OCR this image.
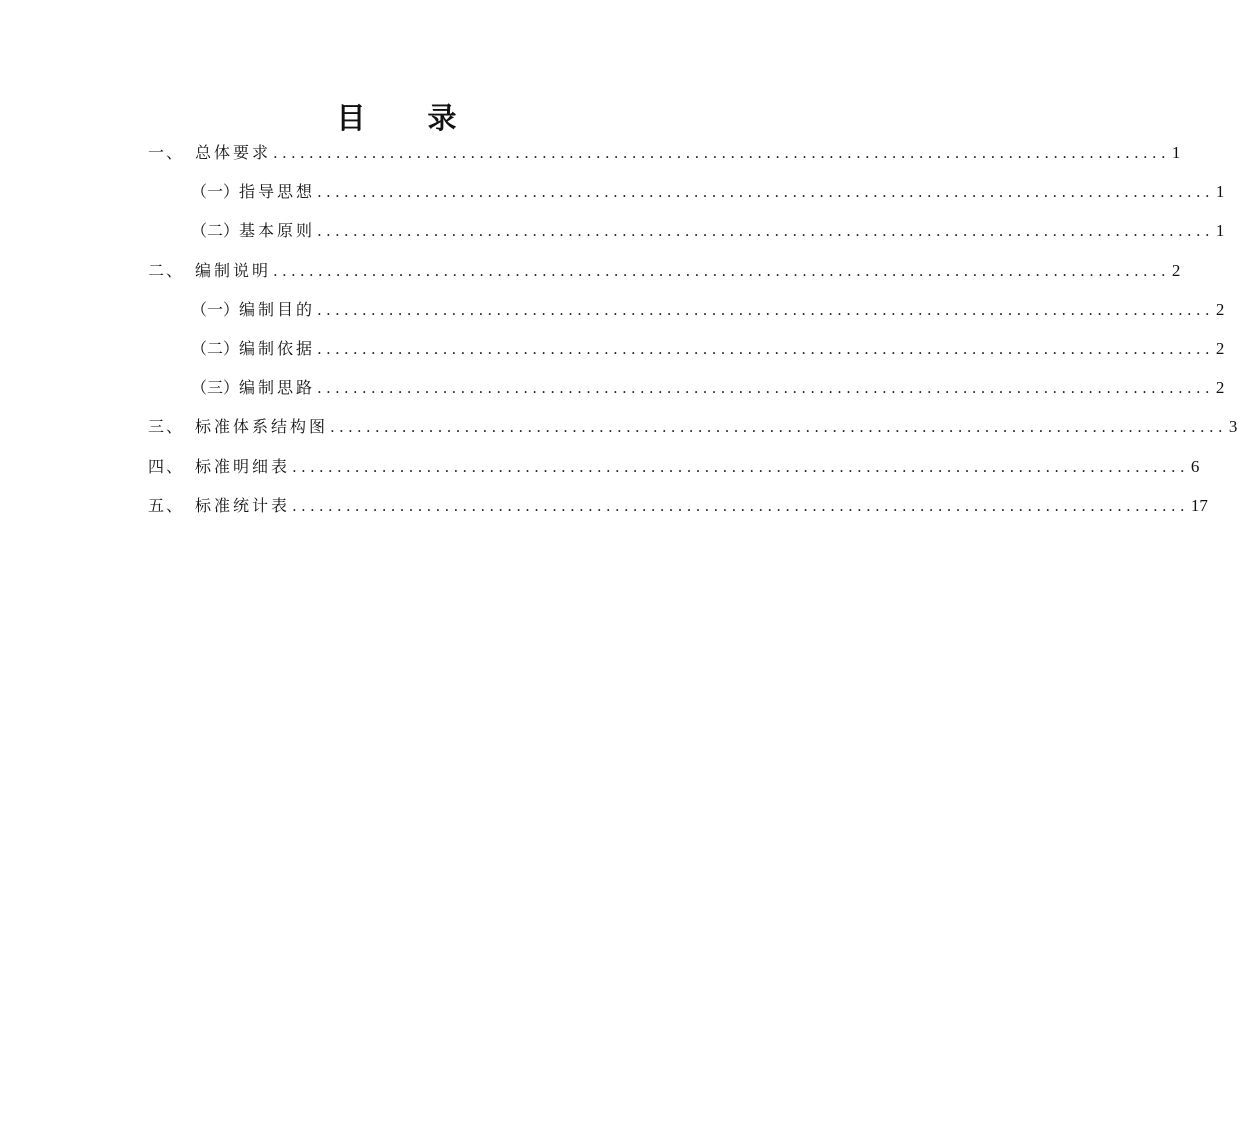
目 录
一、 总体要求 .................................................................................................... 1
（一） 指导思想 .................................................................................................... 1
（二） 基本原则 .................................................................................................... 1
二、 编制说明 .................................................................................................... 2
（一） 编制目的 .................................................................................................... 2
（二） 编制依据 .................................................................................................... 2
（三） 编制思路 .................................................................................................... 2
三、 标准体系结构图 .................................................................................................... 3
四、 标准明细表 .................................................................................................... 6
五、 标准统计表 .................................................................................................... 17
